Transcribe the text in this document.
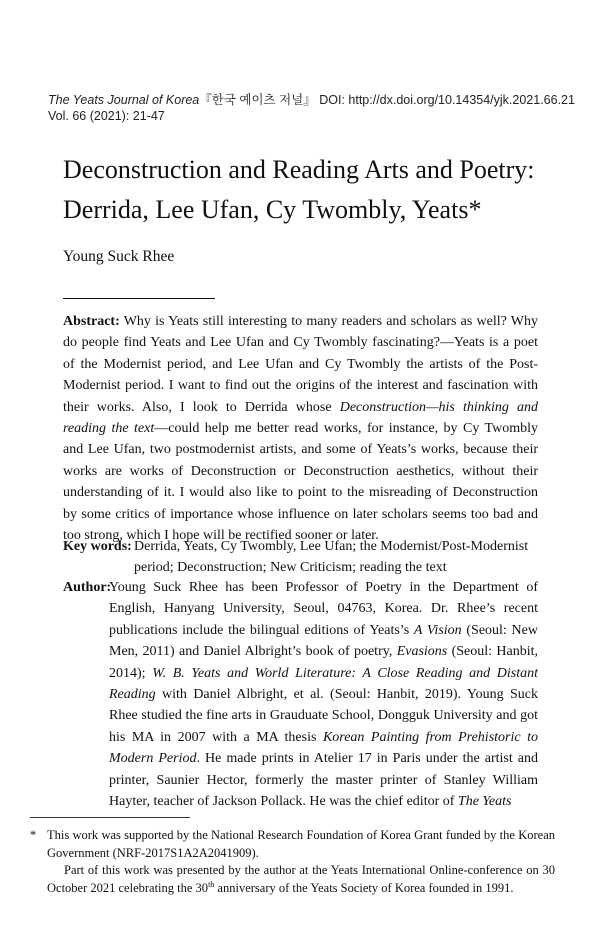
The Yeats Journal of Korea『한국 예이츠 저널』 DOI: http://dx.doi.org/10.14354/yjk.2021.66.21
Vol. 66 (2021): 21-47
Deconstruction and Reading Arts and Poetry:
Derrida, Lee Ufan, Cy Twombly, Yeats*
Young Suck Rhee
Abstract: Why is Yeats still interesting to many readers and scholars as well? Why do people find Yeats and Lee Ufan and Cy Twombly fascinating?—Yeats is a poet of the Modernist period, and Lee Ufan and Cy Twombly the artists of the Post-Modernist period. I want to find out the origins of the interest and fascination with their works. Also, I look to Derrida whose Deconstruction—his thinking and reading the text—could help me better read works, for instance, by Cy Twombly and Lee Ufan, two postmodernist artists, and some of Yeats’s works, because their works are works of Deconstruction or Deconstruction aesthetics, without their understanding of it. I would also like to point to the misreading of Deconstruction by some critics of importance whose influence on later scholars seems too bad and too strong, which I hope will be rectified sooner or later.
Key words: Derrida, Yeats, Cy Twombly, Lee Ufan; the Modernist/Post-Modernist
period; Deconstruction; New Criticism; reading the text
Author:
Young Suck Rhee has been Professor of Poetry in the Department of English, Hanyang University, Seoul, 04763, Korea. Dr. Rhee’s recent publications include the bilingual editions of Yeats’s A Vision (Seoul: New Men, 2011) and Daniel Albright’s book of poetry, Evasions (Seoul: Hanbit, 2014); W. B. Yeats and World Literature: A Close Reading and Distant Reading with Daniel Albright, et al. (Seoul: Hanbit, 2019). Young Suck Rhee studied the fine arts in Grauduate School, Dongguk University and got his MA in 2007 with a MA thesis Korean Painting from Prehistoric to Modern Period. He made prints in Atelier 17 in Paris under the artist and printer, Saunier Hector, formerly the master printer of Stanley William Hayter, teacher of Jackson Pollack. He was the chief editor of The Yeats
* This work was supported by the National Research Foundation of Korea Grant funded by the Korean Government (NRF-2017S1A2A2041909).
Part of this work was presented by the author at the Yeats International Online-conference on 30 October 2021 celebrating the 30th anniversary of the Yeats Society of Korea founded in 1991.
